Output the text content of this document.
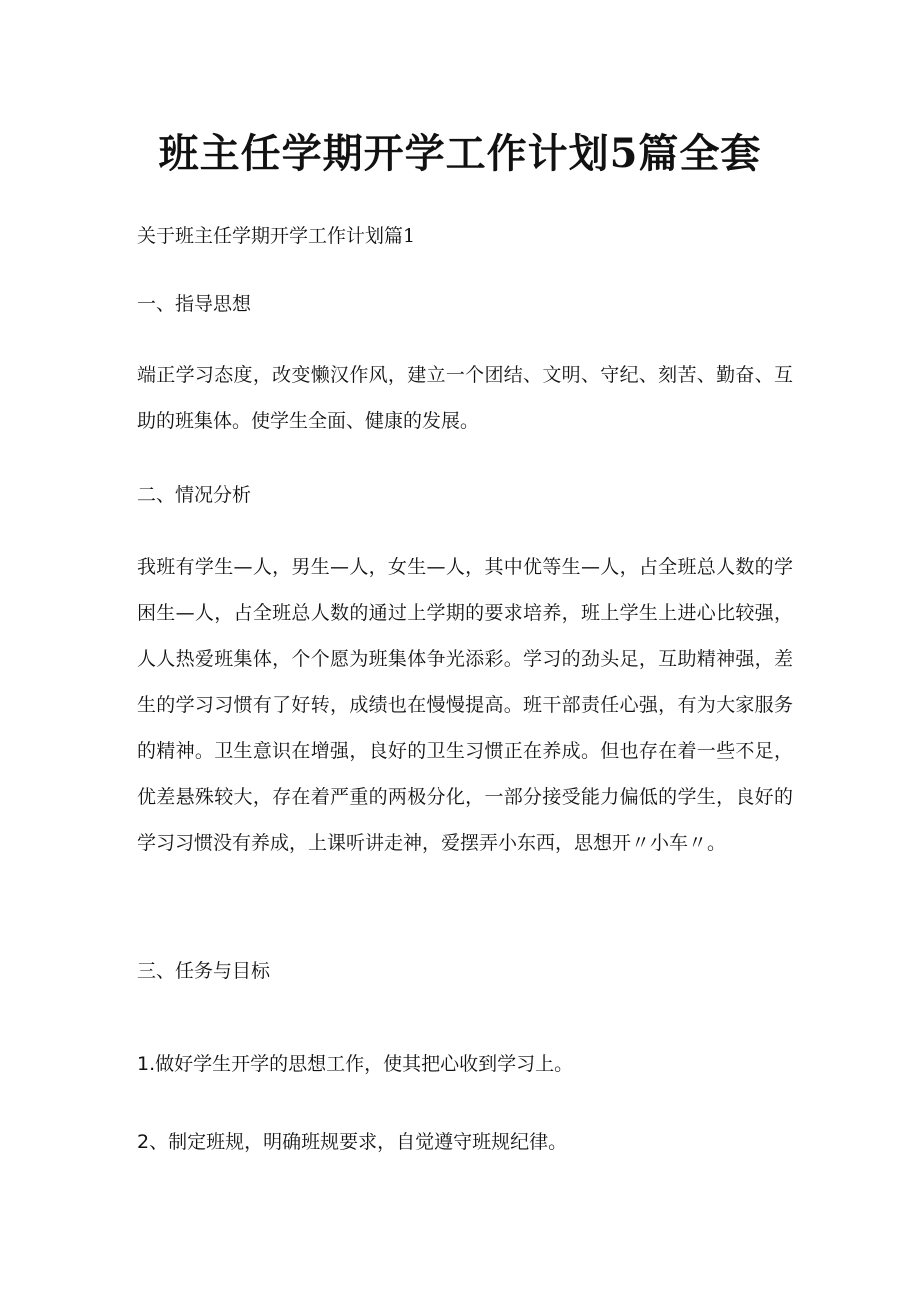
班主任学期开学工作计划5篇全套
关于班主任学期开学工作计划篇1
一、指导思想
端正学习态度，改变懒汉作风，建立一个团结、文明、守纪、刻苦、勤奋、互助的班集体。使学生全面、健康的发展。
二、情况分析
我班有学生—人，男生—人，女生—人，其中优等生—人，占全班总人数的学困生—人，占全班总人数的通过上学期的要求培养，班上学生上进心比较强，人人热爱班集体，个个愿为班集体争光添彩。学习的劲头足，互助精神强，差生的学习习惯有了好转，成绩也在慢慢提高。班干部责任心强，有为大家服务的精神。卫生意识在增强，良好的卫生习惯正在养成。但也存在着一些不足，优差悬殊较大，存在着严重的两极分化，一部分接受能力偏低的学生，良好的学习习惯没有养成，上课听讲走神，爱摆弄小东西，思想开〃小车〃。
三、任务与目标
1.做好学生开学的思想工作，使其把心收到学习上。
2、制定班规，明确班规要求，自觉遵守班规纪律。
